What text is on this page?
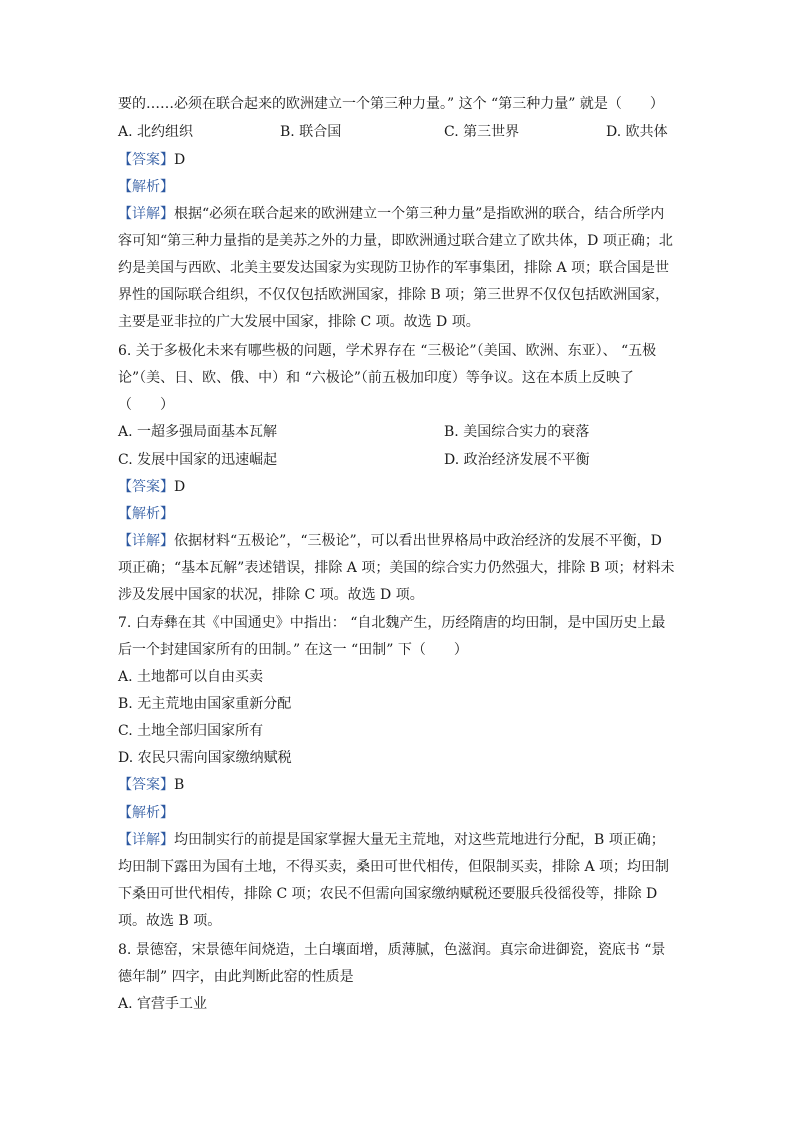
要的……必须在联合起来的欧洲建立一个第三种力量。” 这个 “第三种力量” 就是（　　）
A. 北约组织	B. 联合国	C. 第三世界	D. 欧共体
【答案】D
【解析】
【详解】根据“必须在联合起来的欧洲建立一个第三种力量”是指欧洲的联合，结合所学内
容可知“第三种力量指的是美苏之外的力量，即欧洲通过联合建立了欧共体，D 项正确；北
约是美国与西欧、北美主要发达国家为实现防卫协作的军事集团，排除 A 项；联合国是世
界性的国际联合组织，不仅仅包括欧洲国家，排除 B 项；第三世界不仅仅包括欧洲国家，
主要是亚非拉的广大发展中国家，排除 C 项。故选 D 项。
6. 关于多极化未来有哪些极的问题，学术界存在 “三极论”（美国、欧洲、东亚）、 “五极
论”（美、日、欧、俄、中）和 “六极论”（前五极加印度）等争议。这在本质上反映了
（　　）
A. 一超多强局面基本瓦解	B. 美国综合实力的衰落
C. 发展中国家的迅速崛起	D. 政治经济发展不平衡
【答案】D
【解析】
【详解】依据材料“五极论”，“三极论”，可以看出世界格局中政治经济的发展不平衡，D
项正确；“基本瓦解”表述错误，排除 A 项；美国的综合实力仍然强大，排除 B 项；材料未
涉及发展中国家的状况，排除 C 项。故选 D 项。
7. 白寿彝在其《中国通史》中指出： “自北魏产生，历经隋唐的均田制，是中国历史上最
后一个封建国家所有的田制。” 在这一 “田制” 下（　　）
A. 土地都可以自由买卖
B. 无主荒地由国家重新分配
C. 土地全部归国家所有
D. 农民只需向国家缴纳赋税
【答案】B
【解析】
【详解】均田制实行的前提是国家掌握大量无主荒地，对这些荒地进行分配，B 项正确；
均田制下露田为国有土地，不得买卖，桑田可世代相传，但限制买卖，排除 A 项；均田制
下桑田可世代相传，排除 C 项；农民不但需向国家缴纳赋税还要服兵役徭役等，排除 D
项。故选 B 项。
8. 景德窑，宋景德年间烧造，土白壤面增，质薄腻，色滋润。真宗命进御瓷，瓷底书 “景
德年制” 四字，由此判断此窑的性质是
A. 官营手工业
